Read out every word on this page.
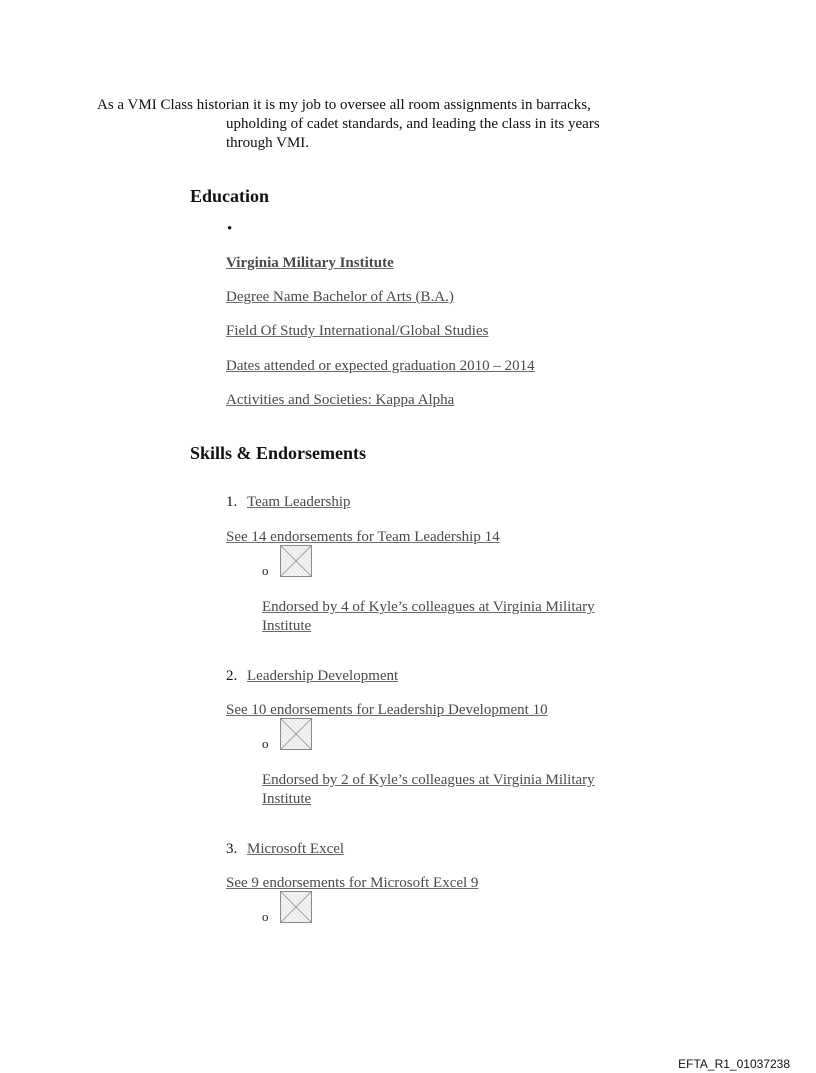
As a VMI Class historian it is my job to oversee all room assignments in barracks,

upholding of cadet standards, and leading the class in its years

through VMI.

Education
•
Virginia Military Institute
Degree Name Bachelor of Arts (B.A.)
Field Of Study International/Global Studies
Dates attended or expected graduation 2010 – 2014
Activities and Societies: Kappa Alpha
Skills & Endorsements
1. Team Leadership
See 14 endorsements for Team Leadership 14
o
Endorsed by 4 of Kyle’s colleagues at Virginia Military
Institute
2. Leadership Development
See 10 endorsements for Leadership Development 10
o
Endorsed by 2 of Kyle’s colleagues at Virginia Military
Institute
3. Microsoft Excel
See 9 endorsements for Microsoft Excel 9
o
EFTA_R1_01037238
